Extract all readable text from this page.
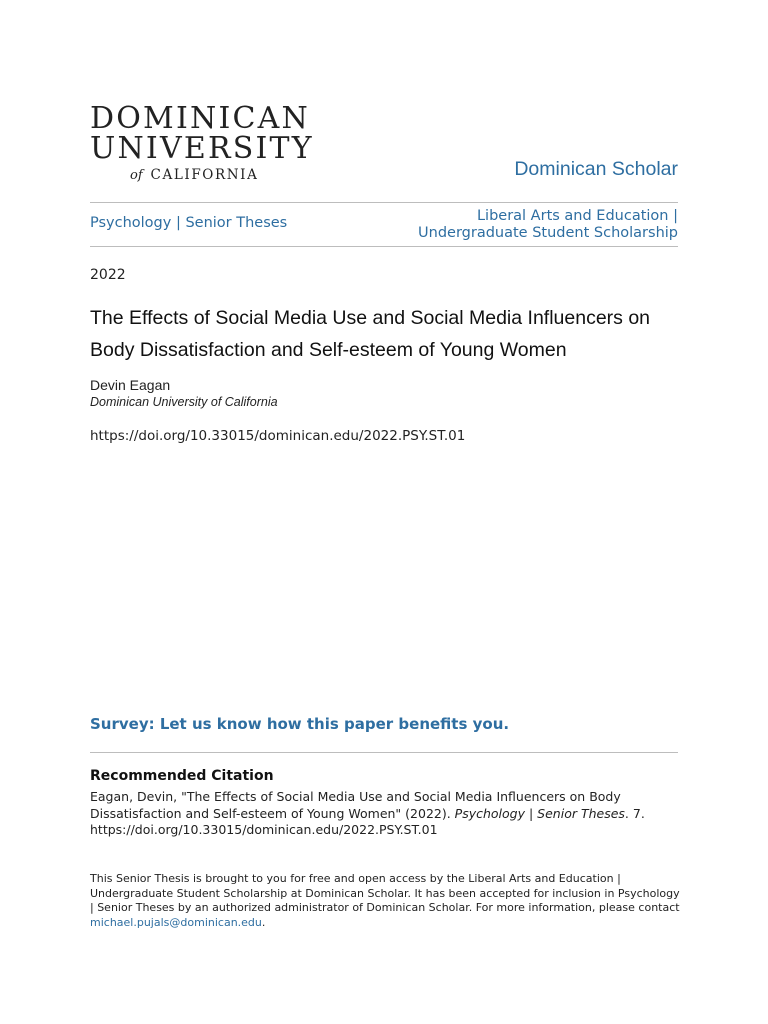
DOMINICAN
UNIVERSITY
of CALIFORNIA	Dominican Scholar
Psychology | Senior Theses	Liberal Arts and Education |
Undergraduate Student Scholarship
2022
The Effects of Social Media Use and Social Media Influencers on
Body Dissatisfaction and Self-esteem of Young Women
Devin Eagan
Dominican University of California
https://doi.org/10.33015/dominican.edu/2022.PSY.ST.01
Survey: Let us know how this paper benefits you.
Recommended Citation
Eagan, Devin, "The Effects of Social Media Use and Social Media Influencers on Body Dissatisfaction and Self-esteem of Young Women" (2022). Psychology | Senior Theses. 7.
https://doi.org/10.33015/dominican.edu/2022.PSY.ST.01
This Senior Thesis is brought to you for free and open access by the Liberal Arts and Education | Undergraduate Student Scholarship at Dominican Scholar. It has been accepted for inclusion in Psychology | Senior Theses by an authorized administrator of Dominican Scholar. For more information, please contact michael.pujals@dominican.edu.
